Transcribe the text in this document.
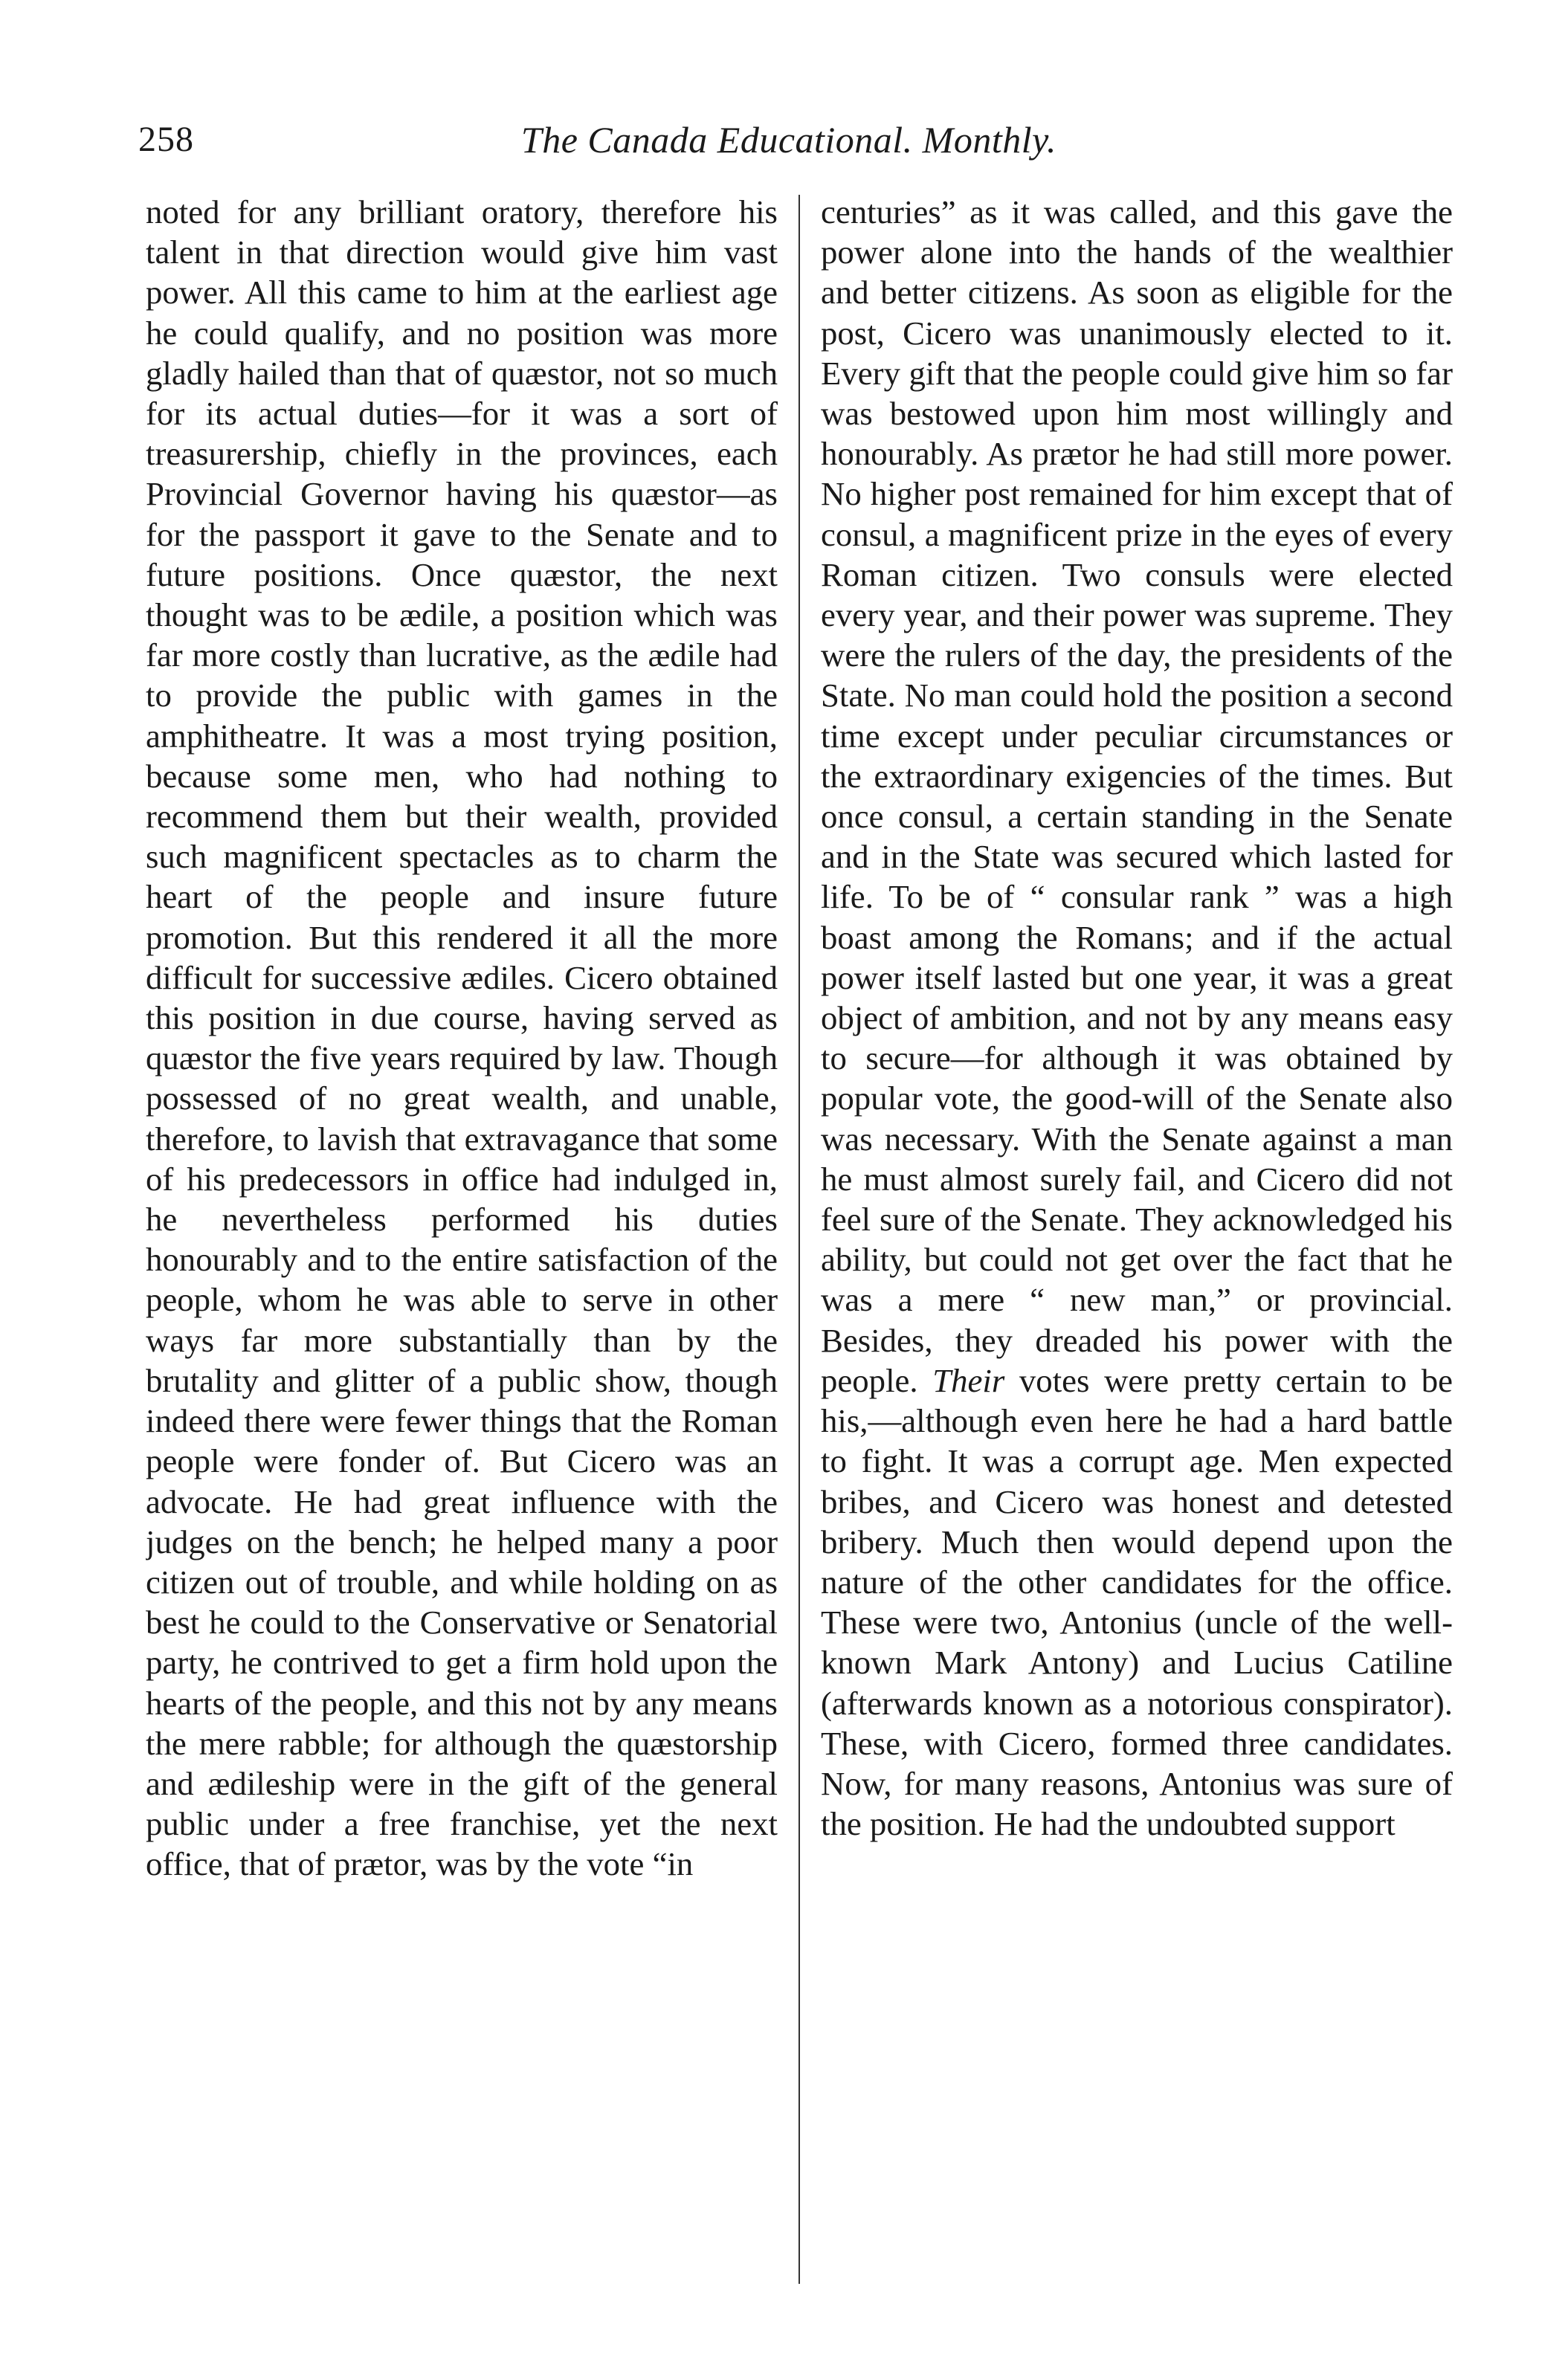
258	The Canada Educational. Monthly.

noted for any brilliant oratory, therefore his talent in that direction would give him vast power. All this came to him at the earliest age he could qualify, and no position was more gladly hailed than that of quæstor, not so much for its actual duties—for it was a sort of treasurership, chiefly in the provinces, each Provincial Governor having his quæstor—as for the passport it gave to the Senate and to future positions. Once quæstor, the next thought was to be ædile, a position which was far more costly than lucrative, as the ædile had to provide the public with games in the amphitheatre. It was a most trying position, because some men, who had nothing to recommend them but their wealth, provided such magnificent spectacles as to charm the heart of the people and insure future promotion. But this rendered it all the more difficult for successive ædiles. Cicero obtained this position in due course, having served as quæstor the five years required by law. Though possessed of no great wealth, and unable, therefore, to lavish that extravagance that some of his predecessors in office had indulged in, he nevertheless performed his duties honourably and to the entire satisfaction of the people, whom he was able to serve in other ways far more substantially than by the brutality and glitter of a public show, though indeed there were fewer things that the Roman people were fonder of. But Cicero was an advocate. He had great influence with the judges on the bench; he helped many a poor citizen out of trouble, and while holding on as best he could to the Conservative or Senatorial party, he contrived to get a firm hold upon the hearts of the people, and this not by any means the mere rabble; for although the quæstorship and ædileship were in the gift of the general public under a free franchise, yet the next office, that of prætor, was by the vote “in

centuries” as it was called, and this gave the power alone into the hands of the wealthier and better citizens. As soon as eligible for the post, Cicero was unanimously elected to it. Every gift that the people could give him so far was bestowed upon him most willingly and honourably. As prætor he had still more power. No higher post remained for him except that of consul, a magnificent prize in the eyes of every Roman citizen. Two consuls were elected every year, and their power was supreme. They were the rulers of the day, the presidents of the State. No man could hold the position a second time except under peculiar circumstances or the extraordinary exigencies of the times. But once consul, a certain standing in the Senate and in the State was secured which lasted for life. To be of “ consular rank ” was a high boast among the Romans; and if the actual power itself lasted but one year, it was a great object of ambition, and not by any means easy to secure—for although it was obtained by popular vote, the good-will of the Senate also was necessary. With the Senate against a man he must almost surely fail, and Cicero did not feel sure of the Senate. They acknowledged his ability, but could not get over the fact that he was a mere “ new man,” or provincial. Besides, they dreaded his power with the people. Their votes were pretty certain to be his,—although even here he had a hard battle to fight. It was a corrupt age. Men expected bribes, and Cicero was honest and detested bribery. Much then would depend upon the nature of the other candidates for the office. These were two, Antonius (uncle of the well-known Mark Antony) and Lucius Catiline (afterwards known as a notorious conspirator). These, with Cicero, formed three candidates. Now, for many reasons, Antonius was sure of the position. He had the undoubted support
